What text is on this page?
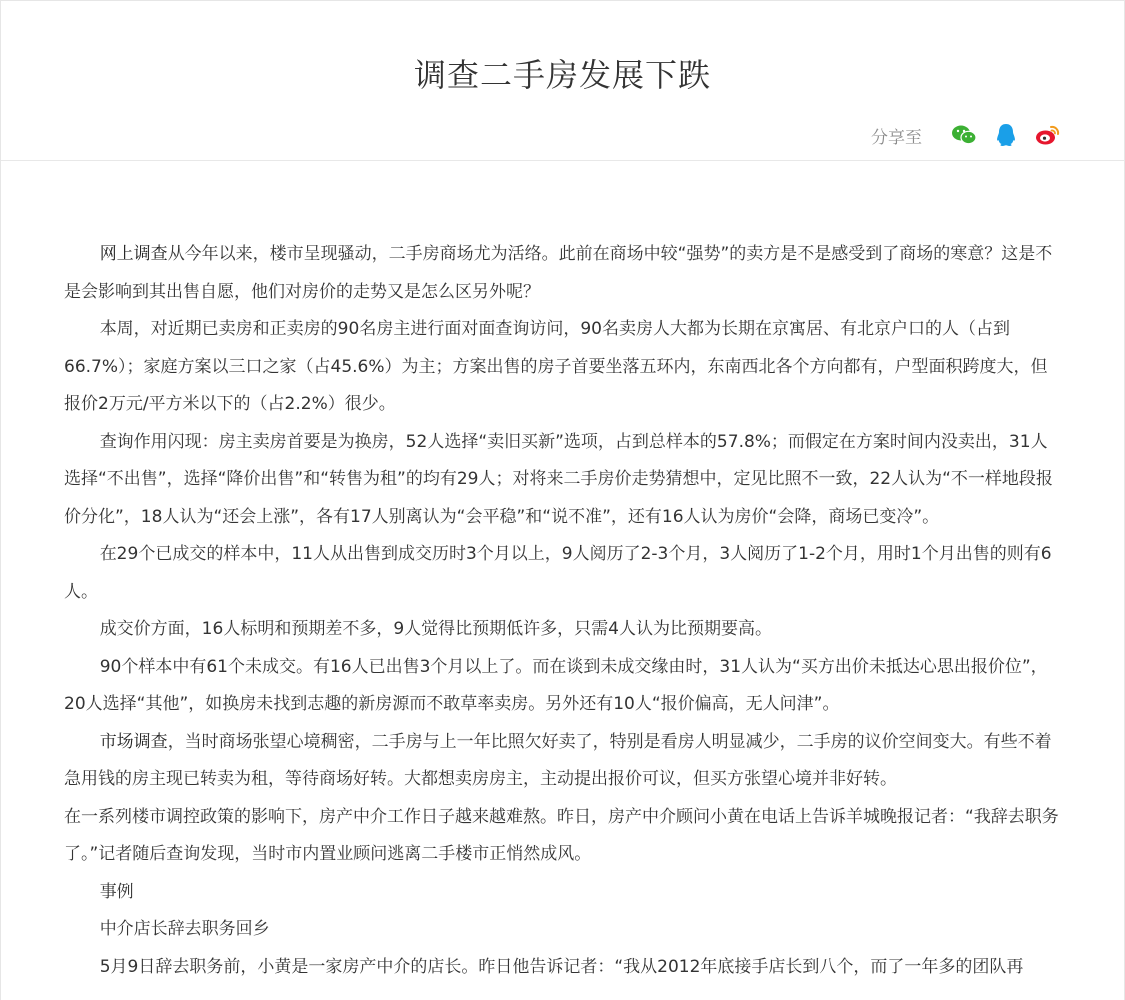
调查二手房发展下跌
分享至

网上调查从今年以来，楼市呈现骚动，二手房商场尤为活络。此前在商场中较“强势”的卖方是不是感受到了商场的寒意？这是不是会影响到其出售自愿，他们对房价的走势又是怎么区另外呢？

本周，对近期已卖房和正卖房的90名房主进行面对面查询访问，90名卖房人大都为长期在京寓居、有北京户口的人（占到66.7%）；家庭方案以三口之家（占45.6%）为主；方案出售的房子首要坐落五环内，东南西北各个方向都有，户型面积跨度大，但报价2万元/平方米以下的（占2.2%）很少。

查询作用闪现：房主卖房首要是为换房，52人选择“卖旧买新”选项，占到总样本的57.8%；而假定在方案时间内没卖出，31人选择“不出售”，选择“降价出售”和“转售为租”的均有29人；对将来二手房价走势猜想中，定见比照不一致，22人认为“不一样地段报价分化”，18人认为“还会上涨”，各有17人别离认为“会平稳”和“说不准”，还有16人认为房价“会降，商场已变冷”。

在29个已成交的样本中，11人从出售到成交历时3个月以上，9人阅历了2-3个月，3人阅历了1-2个月，用时1个月出售的则有6人。

成交价方面，16人标明和预期差不多，9人觉得比预期低许多，只需4人认为比预期要高。

90个样本中有61个未成交。有16人已出售3个月以上了。而在谈到未成交缘由时，31人认为“买方出价未抵达心思出报价位”，20人选择“其他”，如换房未找到志趣的新房源而不敢草率卖房。另外还有10人“报价偏高，无人问津”。

市场调查，当时商场张望心境稠密，二手房与上一年比照欠好卖了，特别是看房人明显减少，二手房的议价空间变大。有些不着急用钱的房主现已转卖为租，等待商场好转。大都想卖房房主，主动提出报价可议，但买方张望心境并非好转。

在一系列楼市调控政策的影响下，房产中介工作日子越来越难熬。昨日，房产中介顾问小黄在电话上告诉羊城晚报记者：“我辞去职务了。”记者随后查询发现，当时市内置业顾问逃离二手楼市正悄然成风。

事例

中介店长辞去职务回乡

5月9日辞去职务前，小黄是一家房产中介的店长。昨日他告诉记者：“我从2012年底接手店长到八个，而了一年多的团队再
